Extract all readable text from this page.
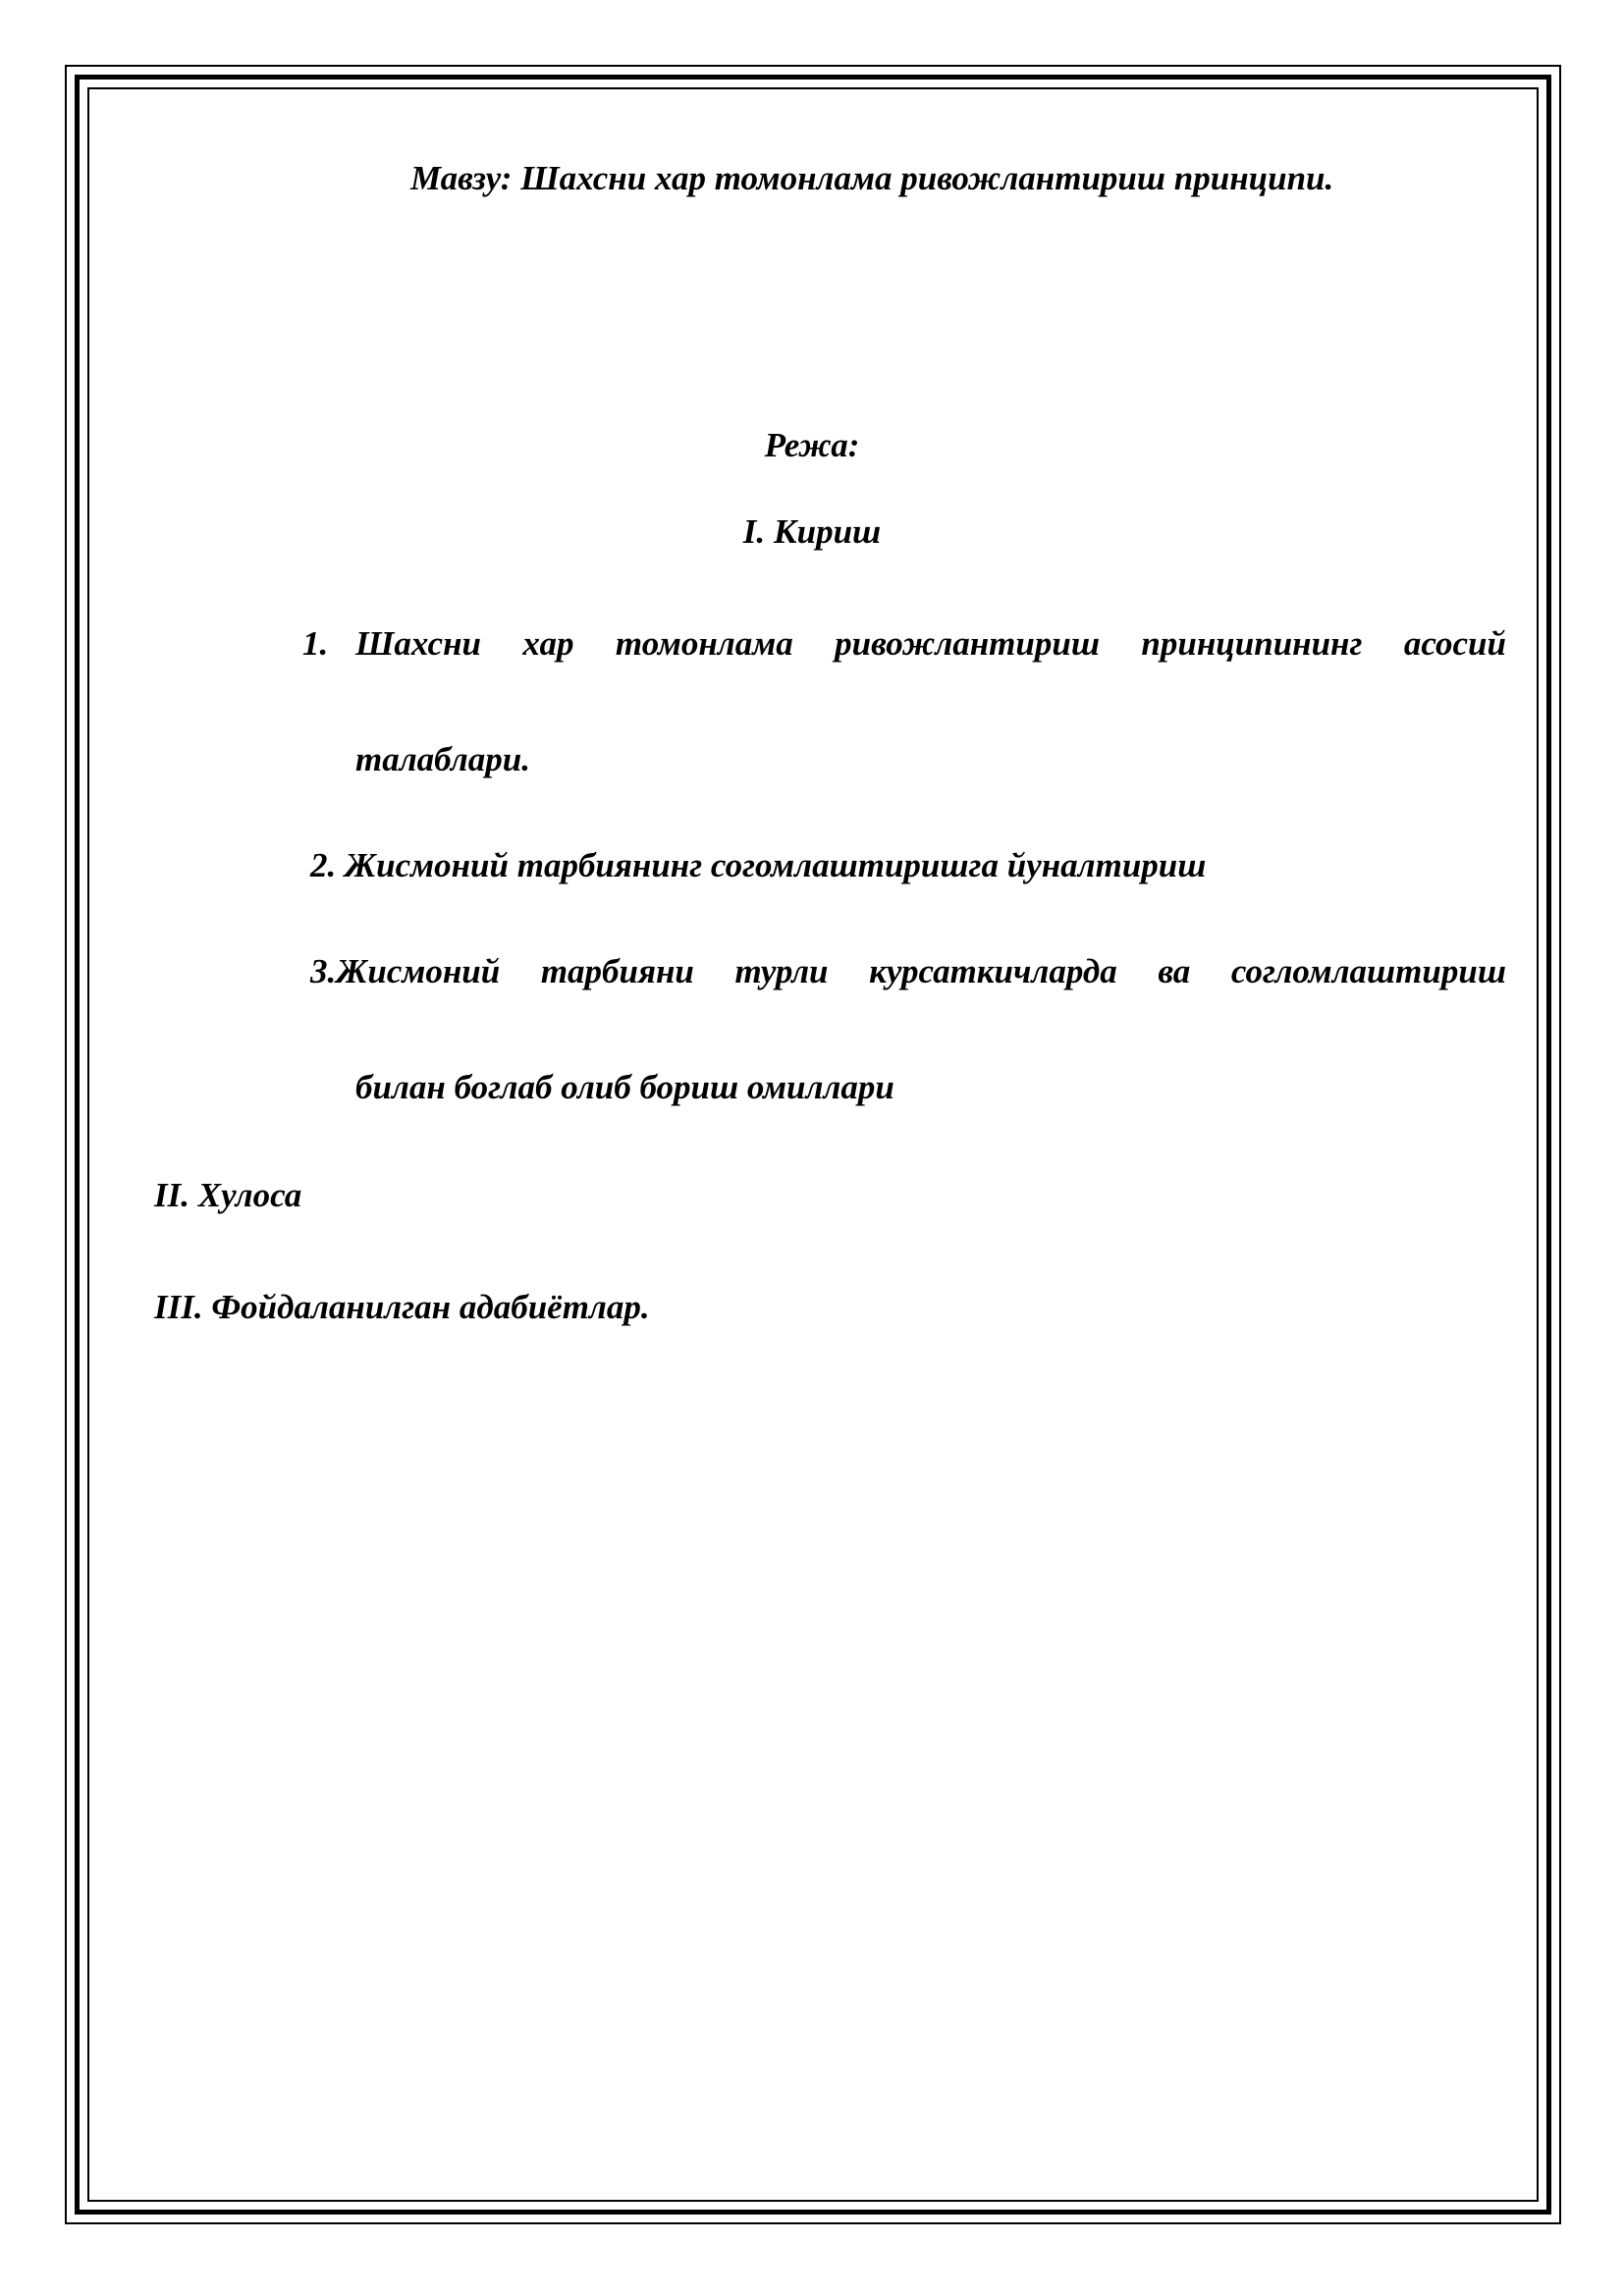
Мавзу: Шахсни хар томонлама ривожлантириш принципи.
Режа:
I. Кириш
1. Шахсни хар томонлама ривожлантириш принципининг асосий
талаблари.
2. Жисмоний тарбиянинг согомлаштиришга йуналтириш
3.Жисмоний тарбияни турли курсаткичларда ва согломлаштириш
билан боглаб олиб бориш омиллари
II. Хулоса
III. Фойдаланилган адабиётлар.
